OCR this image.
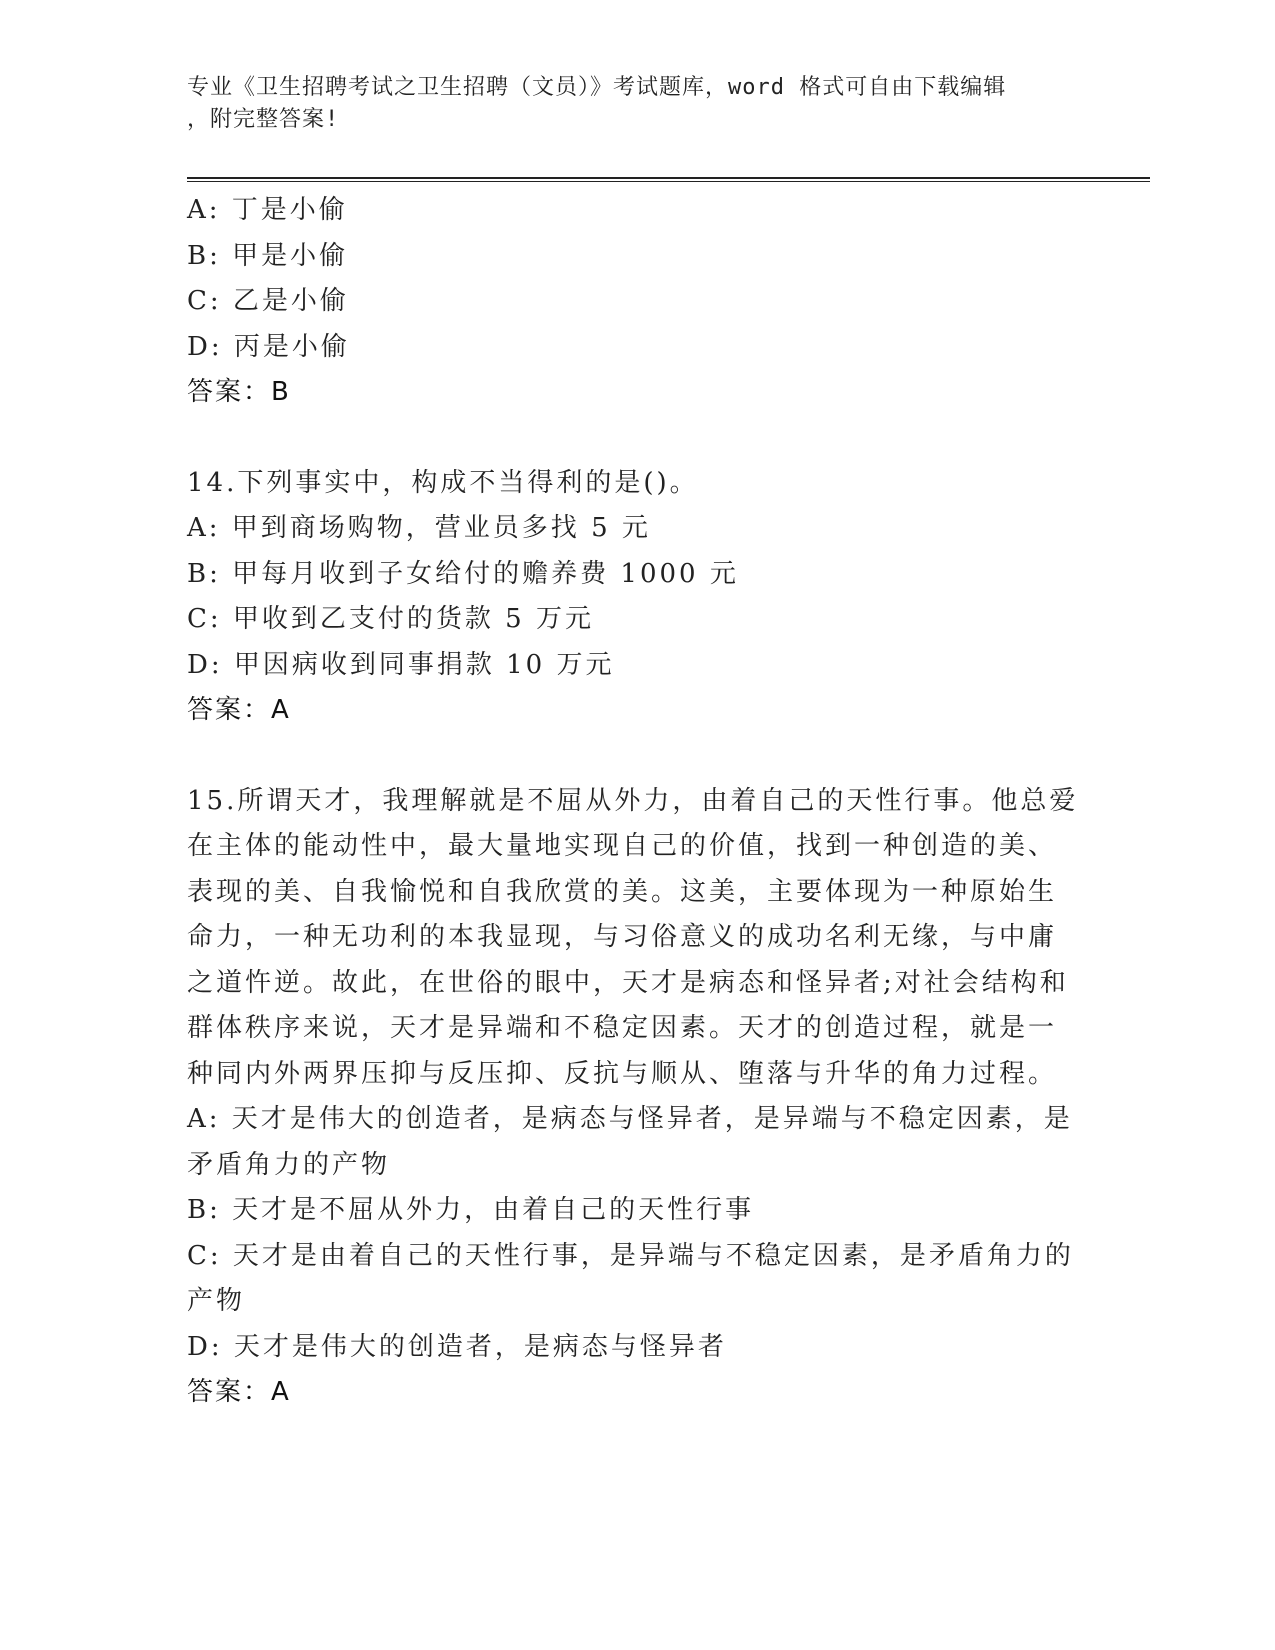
专业《卫生招聘考试之卫生招聘（文员）》考试题库，word 格式可自由下载编辑
，附完整答案!
A: 丁是小偷
B: 甲是小偷
C: 乙是小偷
D: 丙是小偷
答案：B
14.下列事实中，构成不当得利的是()。
A: 甲到商场购物，营业员多找 5 元
B: 甲每月收到子女给付的赡养费 1000 元
C: 甲收到乙支付的货款 5 万元
D: 甲因病收到同事捐款 10 万元
答案：A
15.所谓天才，我理解就是不屈从外力，由着自己的天性行事。他总爱
在主体的能动性中，最大量地实现自己的价值，找到一种创造的美、
表现的美、自我愉悦和自我欣赏的美。这美，主要体现为一种原始生
命力，一种无功利的本我显现，与习俗意义的成功名利无缘，与中庸
之道忤逆。故此，在世俗的眼中，天才是病态和怪异者;对社会结构和
群体秩序来说，天才是异端和不稳定因素。天才的创造过程，就是一
种同内外两界压抑与反压抑、反抗与顺从、堕落与升华的角力过程。
A: 天才是伟大的创造者，是病态与怪异者，是异端与不稳定因素，是
矛盾角力的产物
B: 天才是不屈从外力，由着自己的天性行事
C: 天才是由着自己的天性行事，是异端与不稳定因素，是矛盾角力的
产物
D: 天才是伟大的创造者，是病态与怪异者
答案：A
